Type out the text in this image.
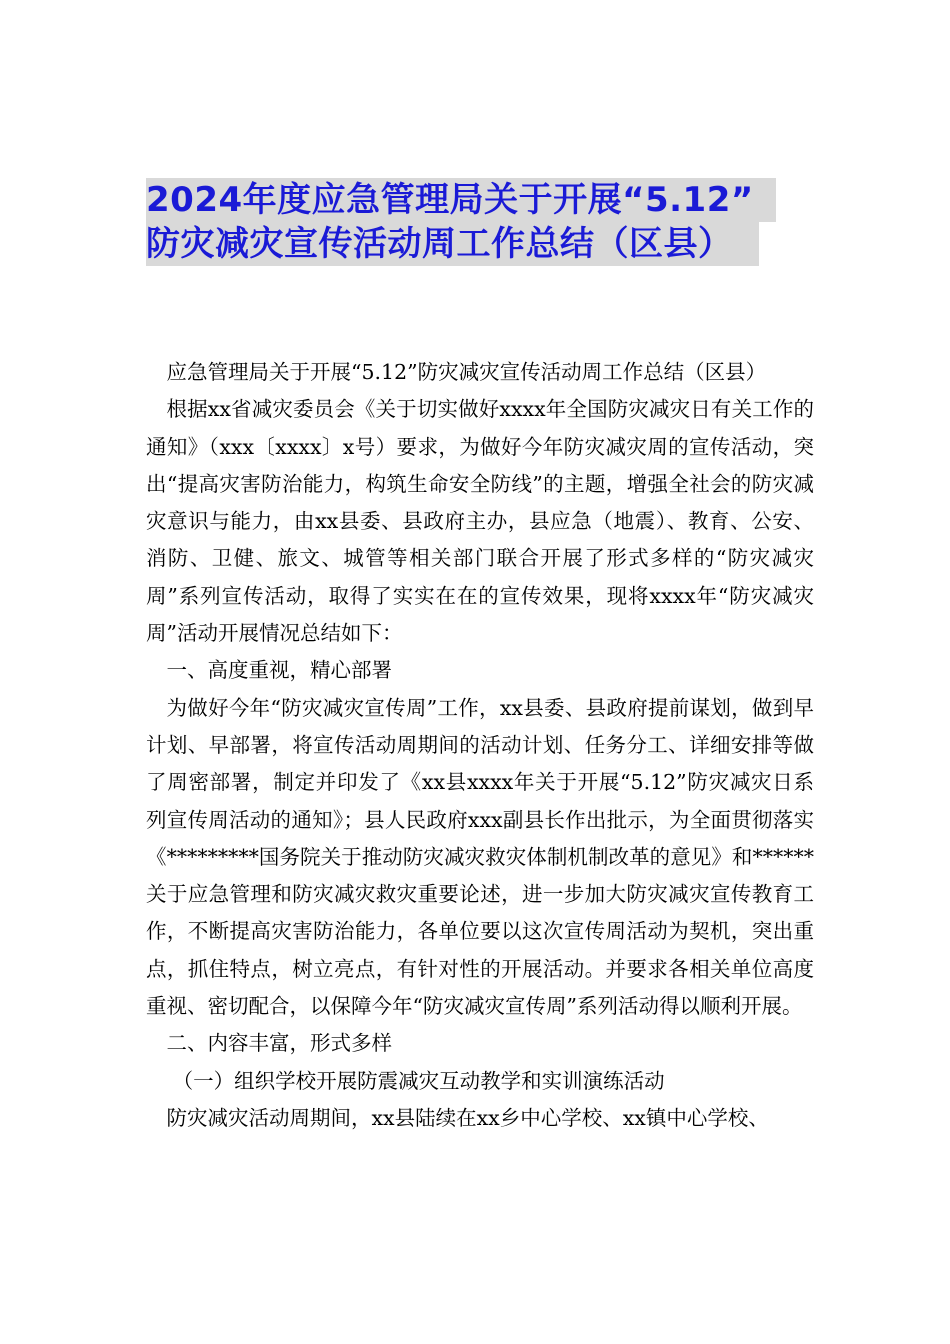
2024年度应急管理局关于开展“5.12”
防灾减灾宣传活动周工作总结（区县）

应急管理局关于开展“5.12”防灾减灾宣传活动周工作总结（区县）

根据xx省减灾委员会《关于切实做好xxxx年全国防灾减灾日有关工作的通知》（xxx〔xxxx〕x号）要求，为做好今年防灾减灾周的宣传活动，突出“提高灾害防治能力，构筑生命安全防线”的主题，增强全社会的防灾减灾意识与能力，由xx县委、县政府主办，县应急（地震）、教育、公安、消防、卫健、旅文、城管等相关部门联合开展了形式多样的“防灾减灾周”系列宣传活动，取得了实实在在的宣传效果，现将xxxx年“防灾减灾周”活动开展情况总结如下：

一、高度重视，精心部署

为做好今年“防灾减灾宣传周”工作，xx县委、县政府提前谋划，做到早计划、早部署，将宣传活动周期间的活动计划、任务分工、详细安排等做了周密部署，制定并印发了《xx县xxxx年关于开展“5.12”防灾减灾日系列宣传周活动的通知》；县人民政府xxx副县长作出批示，为全面贯彻落实《*********国务院关于推动防灾减灾救灾体制机制改革的意见》和******关于应急管理和防灾减灾救灾重要论述，进一步加大防灾减灾宣传教育工作，不断提高灾害防治能力，各单位要以这次宣传周活动为契机，突出重点，抓住特点，树立亮点，有针对性的开展活动。并要求各相关单位高度重视、密切配合，以保障今年“防灾减灾宣传周”系列活动得以顺利开展。

二、内容丰富，形式多样

（一）组织学校开展防震减灾互动教学和实训演练活动

防灾减灾活动周期间，xx县陆续在xx乡中心学校、xx镇中心学校、
